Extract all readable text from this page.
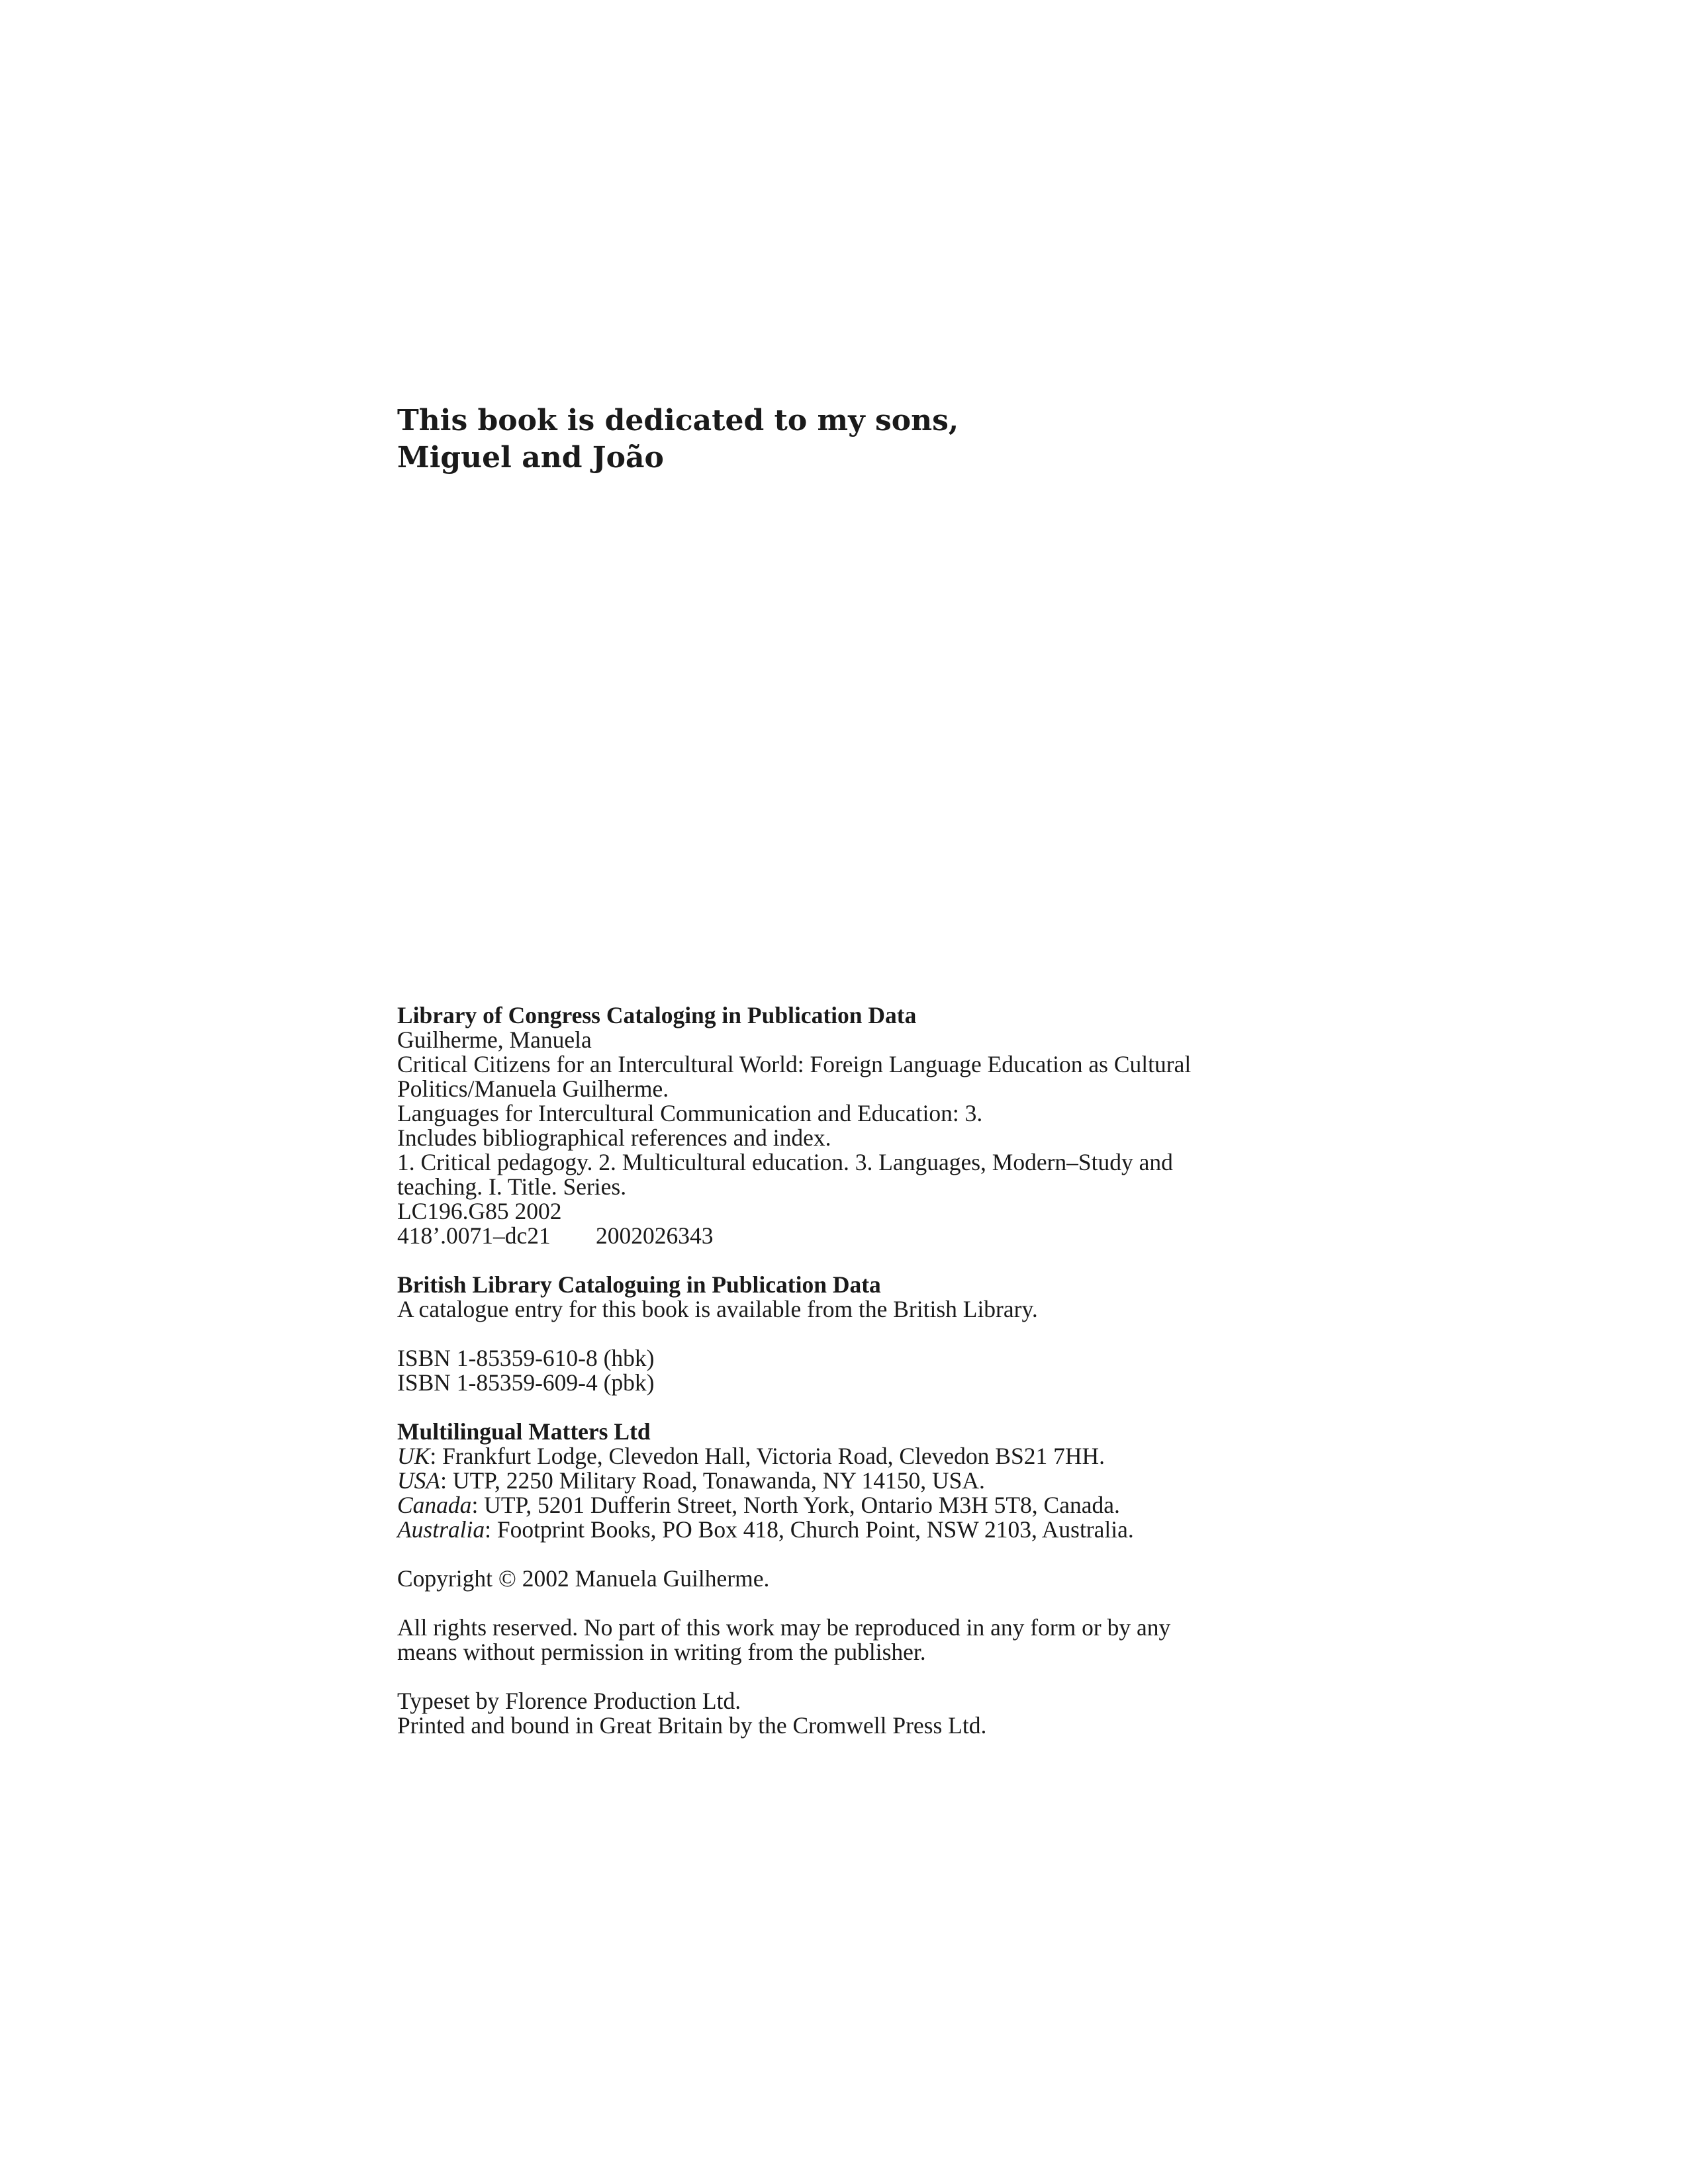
This book is dedicated to my sons,
Miguel and João
Library of Congress Cataloging in Publication Data
Guilherme, Manuela
Critical Citizens for an Intercultural World: Foreign Language Education as Cultural
Politics/Manuela Guilherme.
Languages for Intercultural Communication and Education: 3.
Includes bibliographical references and index.
1. Critical pedagogy. 2. Multicultural education. 3. Languages, Modern–Study and
teaching. I. Title. Series.
LC196.G85 2002
418’.0071–dc21 2002026343
British Library Cataloguing in Publication Data
A catalogue entry for this book is available from the British Library.
ISBN 1-85359-610-8 (hbk)
ISBN 1-85359-609-4 (pbk)
Multilingual Matters Ltd
UK: Frankfurt Lodge, Clevedon Hall, Victoria Road, Clevedon BS21 7HH.
USA: UTP, 2250 Military Road, Tonawanda, NY 14150, USA.
Canada: UTP, 5201 Dufferin Street, North York, Ontario M3H 5T8, Canada.
Australia: Footprint Books, PO Box 418, Church Point, NSW 2103, Australia.
Copyright © 2002 Manuela Guilherme.
All rights reserved. No part of this work may be reproduced in any form or by any
means without permission in writing from the publisher.
Typeset by Florence Production Ltd.
Printed and bound in Great Britain by the Cromwell Press Ltd.
